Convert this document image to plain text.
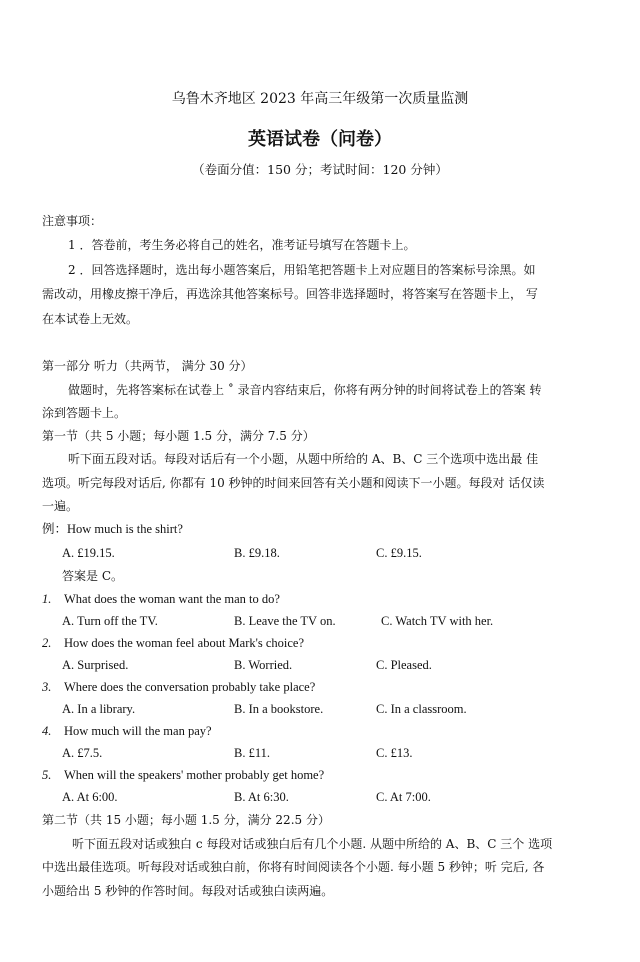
乌鲁木齐地区 2023 年高三年级第一次质量监测
英语试卷（问卷）
（卷面分值：150 分；考试时间：120 分钟）
注意事项：
1 ．答卷前，考生务必将自己的姓名，准考证号填写在答题卡上。
2 ．回答选择题时，选出每小题答案后，用铅笔把答题卡上对应题目的答案标号涂黑。如
需改动，用橡皮擦干净后，再选涂其他答案标号。回答非选择题时，将答案写在答题卡上， 写
在本试卷上无效。
第一部分 听力（共两节， 满分 30 分）
做题时，先将答案标在试卷上 ˚ 录音内容结束后，你将有两分钟的时间将试卷上的答案 转
涂到答题卡上。
第一节（共 5 小题；每小题 1.5 分，满分 7.5 分）
听下面五段对话。每段对话后有一个小题，从题中所给的 A、B、C 三个选项中选出最 佳
选项。听完每段对话后, 你都有 10 秒钟的时间来回答有关小题和阅读下一小题。每段对 话仅读
一遍。
例：How much is the shirt?
A. £19.15.	B. £9.18.	C. £9.15.
答案是 C。
1. What does the woman want the man to do?
A. Turn off the TV.	B. Leave the TV on.	C. Watch TV with her.
2. How does the woman feel about Mark's choice?
A. Surprised.	B. Worried.	C. Pleased.
3. Where does the conversation probably take place?
A. In a library.	B. In a bookstore.	C. In a classroom.
4. How much will the man pay?
A. £7.5.	B. £11.	C. £13.
5. When will the speakers' mother probably get home?
A. At 6:00.	B. At 6:30.	C. At 7:00.
第二节（共 15 小题；每小题 1.5 分，满分 22.5 分）
听下面五段对话或独白 c 每段对话或独白后有几个小题. 从题中所给的 A、B、C 三个 选项
中选出最佳选项。听每段对话或独白前，你将有时间阅读各个小题. 每小题 5 秒钟；听 完后, 各
小题给出 5 秒钟的作答时间。每段对话或独白读两遍。
